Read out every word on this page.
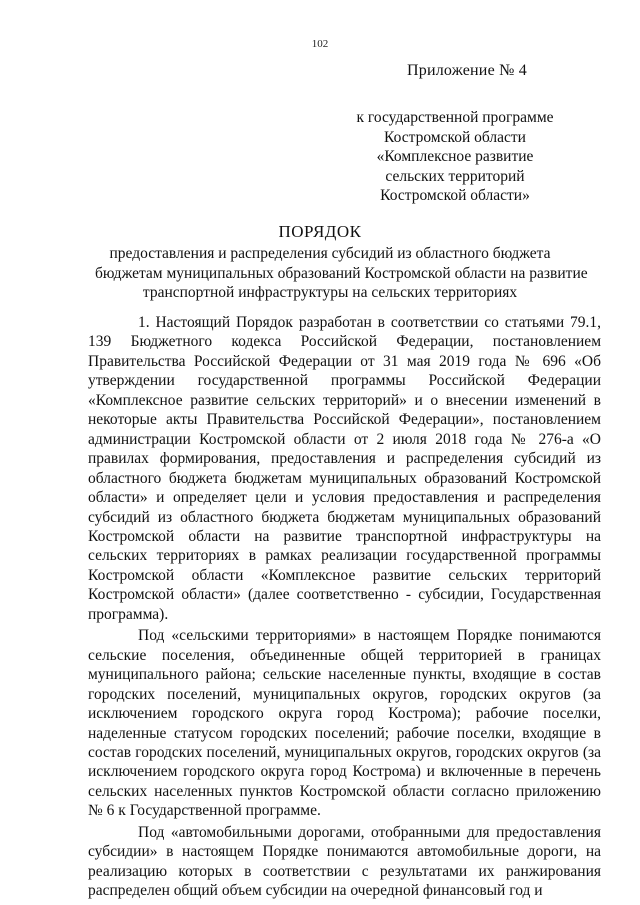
102
Приложение № 4
к государственной программе
Костромской области
«Комплексное развитие
сельских территорий
Костромской области»
ПОРЯДОК
предоставления и распределения субсидий из областного бюджета
бюджетам муниципальных образований Костромской области на развитие
транспортной инфраструктуры на сельских территориях

1. Настоящий Порядок разработан в соответствии со статьями 79.1, 139 Бюджетного кодекса Российской Федерации, постановлением Правительства Российской Федерации от 31 мая 2019 года № 696 «Об утверждении государственной программы Российской Федерации «Комплексное развитие сельских территорий» и о внесении изменений в некоторые акты Правительства Российской Федерации», постановлением администрации Костромской области от 2 июля 2018 года № 276-а «О правилах формирования, предоставления и распределения субсидий из областного бюджета бюджетам муниципальных образований Костромской области» и определяет цели и условия предоставления и распределения субсидий из областного бюджета бюджетам муниципальных образований Костромской области на развитие транспортной инфраструктуры на сельских территориях в рамках реализации государственной программы Костромской области «Комплексное развитие сельских территорий Костромской области» (далее соответственно - субсидии, Государственная программа).

Под «сельскими территориями» в настоящем Порядке понимаются сельские поселения, объединенные общей территорией в границах муниципального района; сельские населенные пункты, входящие в состав городских поселений, муниципальных округов, городских округов (за исключением городского округа город Кострома); рабочие поселки, наделенные статусом городских поселений; рабочие поселки, входящие в состав городских поселений, муниципальных округов, городских округов (за исключением городского округа город Кострома) и включенные в перечень сельских населенных пунктов Костромской области согласно приложению № 6 к Государственной программе.

Под «автомобильными дорогами, отобранными для предоставления субсидии» в настоящем Порядке понимаются автомобильные дороги, на реализацию которых в соответствии с результатами их ранжирования распределен общий объем субсидии на очередной финансовый год и
